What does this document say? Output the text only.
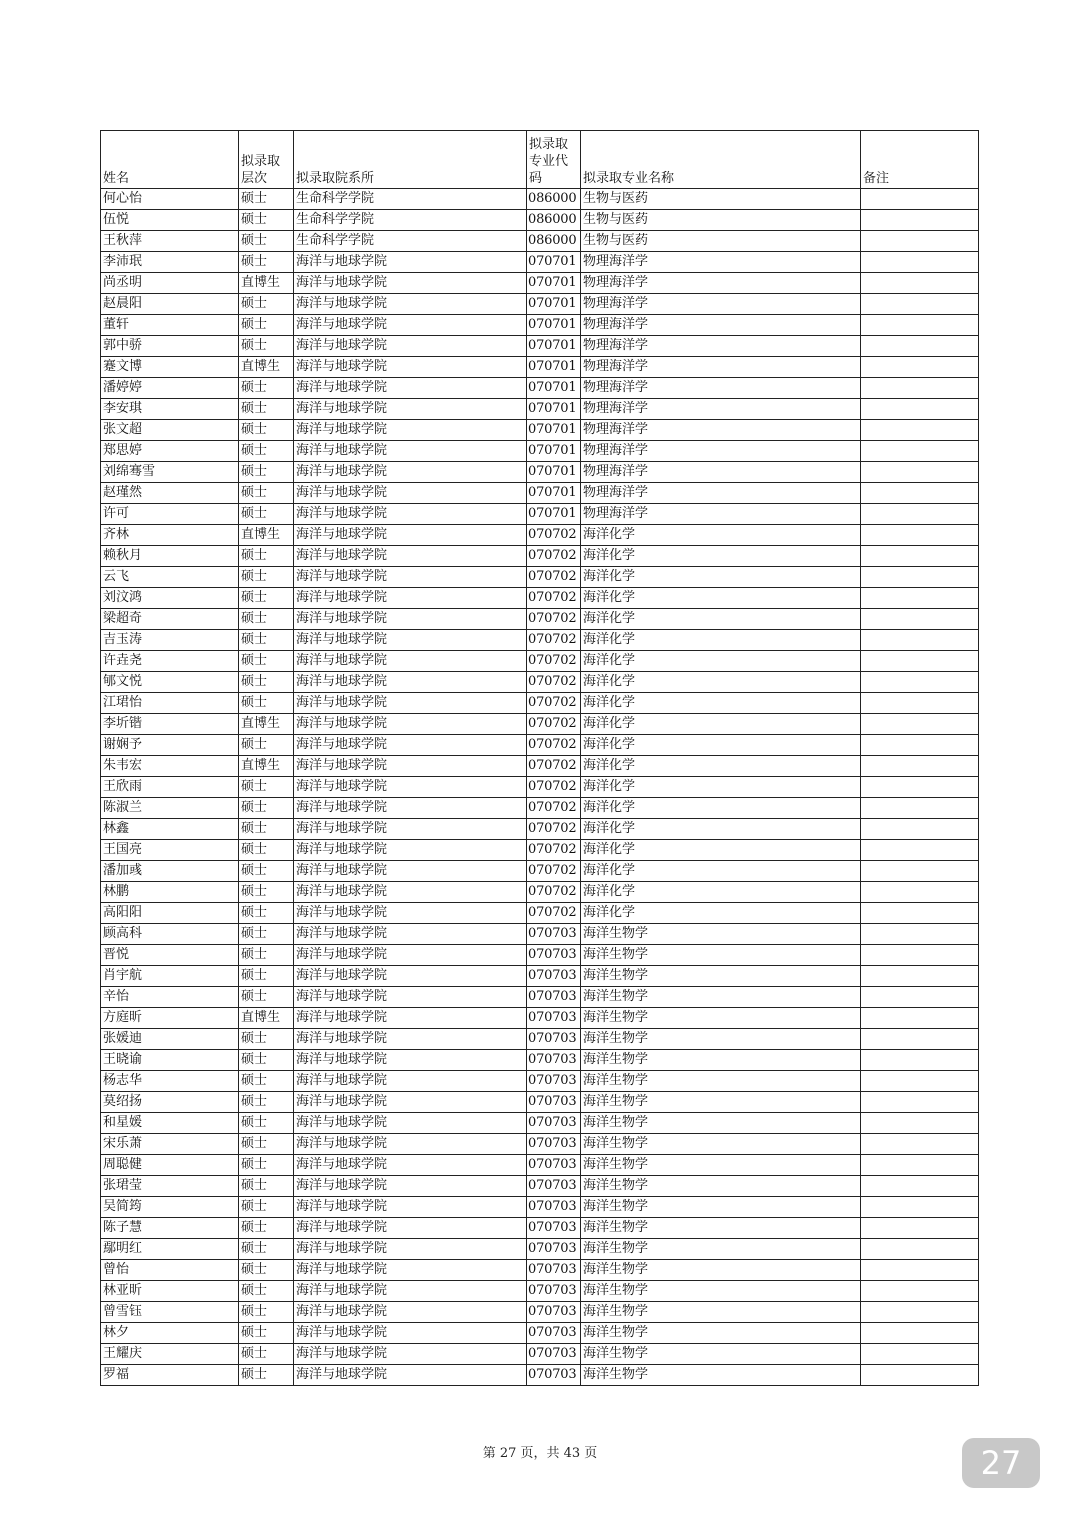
姓名	拟录取层次	拟录取院系所	拟录取专业代码	拟录取专业名称	备注
何心怡	硕士	生命科学学院	086000	生物与医药	
伍悦	硕士	生命科学学院	086000	生物与医药	
王秋萍	硕士	生命科学学院	086000	生物与医药	
李沛珉	硕士	海洋与地球学院	070701	物理海洋学	
尚丞明	直博生	海洋与地球学院	070701	物理海洋学	
赵晨阳	硕士	海洋与地球学院	070701	物理海洋学	
董轩	硕士	海洋与地球学院	070701	物理海洋学	
郭中骄	硕士	海洋与地球学院	070701	物理海洋学	
蹇文博	直博生	海洋与地球学院	070701	物理海洋学	
潘婷婷	硕士	海洋与地球学院	070701	物理海洋学	
李安琪	硕士	海洋与地球学院	070701	物理海洋学	
张文超	硕士	海洋与地球学院	070701	物理海洋学	
郑思婷	硕士	海洋与地球学院	070701	物理海洋学	
刘绵骞雪	硕士	海洋与地球学院	070701	物理海洋学	
赵瑾然	硕士	海洋与地球学院	070701	物理海洋学	
许可	硕士	海洋与地球学院	070701	物理海洋学	
齐林	直博生	海洋与地球学院	070702	海洋化学	
赖秋月	硕士	海洋与地球学院	070702	海洋化学	
云飞	硕士	海洋与地球学院	070702	海洋化学	
刘汶鸿	硕士	海洋与地球学院	070702	海洋化学	
梁超奇	硕士	海洋与地球学院	070702	海洋化学	
吉玉涛	硕士	海洋与地球学院	070702	海洋化学	
许垚尧	硕士	海洋与地球学院	070702	海洋化学	
郇文悦	硕士	海洋与地球学院	070702	海洋化学	
江珺怡	硕士	海洋与地球学院	070702	海洋化学	
李圻锴	直博生	海洋与地球学院	070702	海洋化学	
谢娴予	硕士	海洋与地球学院	070702	海洋化学	
朱韦宏	直博生	海洋与地球学院	070702	海洋化学	
王欣雨	硕士	海洋与地球学院	070702	海洋化学	
陈淑兰	硕士	海洋与地球学院	070702	海洋化学	
林鑫	硕士	海洋与地球学院	070702	海洋化学	
王国亮	硕士	海洋与地球学院	070702	海洋化学	
潘加彧	硕士	海洋与地球学院	070702	海洋化学	
林鹏	硕士	海洋与地球学院	070702	海洋化学	
高阳阳	硕士	海洋与地球学院	070702	海洋化学	
顾高科	硕士	海洋与地球学院	070703	海洋生物学	
晋悦	硕士	海洋与地球学院	070703	海洋生物学	
肖宇航	硕士	海洋与地球学院	070703	海洋生物学	
辛怡	硕士	海洋与地球学院	070703	海洋生物学	
方庭昕	直博生	海洋与地球学院	070703	海洋生物学	
张媛迪	硕士	海洋与地球学院	070703	海洋生物学	
王晓谕	硕士	海洋与地球学院	070703	海洋生物学	
杨志华	硕士	海洋与地球学院	070703	海洋生物学	
莫绍扬	硕士	海洋与地球学院	070703	海洋生物学	
和星媛	硕士	海洋与地球学院	070703	海洋生物学	
宋乐萧	硕士	海洋与地球学院	070703	海洋生物学	
周聪健	硕士	海洋与地球学院	070703	海洋生物学	
张珺莹	硕士	海洋与地球学院	070703	海洋生物学	
吴简筠	硕士	海洋与地球学院	070703	海洋生物学	
陈子慧	硕士	海洋与地球学院	070703	海洋生物学	
鄢明红	硕士	海洋与地球学院	070703	海洋生物学	
曾怡	硕士	海洋与地球学院	070703	海洋生物学	
林亚昕	硕士	海洋与地球学院	070703	海洋生物学	
曾雪钰	硕士	海洋与地球学院	070703	海洋生物学	
林夕	硕士	海洋与地球学院	070703	海洋生物学	
王耀庆	硕士	海洋与地球学院	070703	海洋生物学	
罗福	硕士	海洋与地球学院	070703	海洋生物学	
第 27 页，共 43 页	27
